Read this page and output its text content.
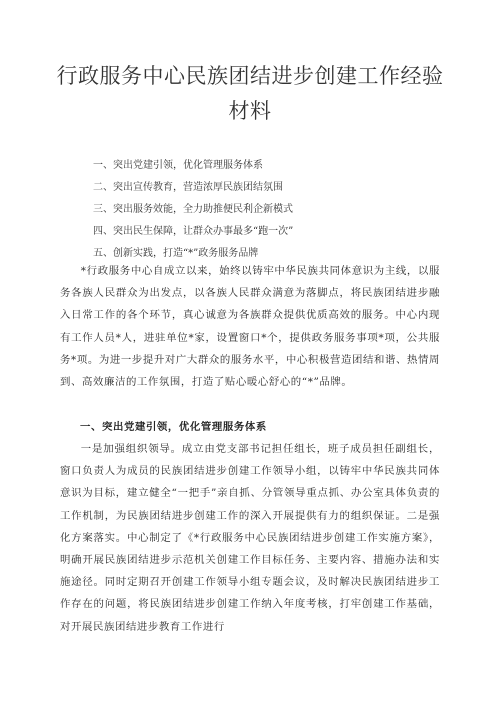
行政服务中心民族团结进步创建工作经验
材料
一、突出党建引领，优化管理服务体系
二、突出宣传教育，营造浓厚民族团结氛围
三、突出服务效能，全力助推便民利企新模式
四、突出民生保障，让群众办事最多“跑一次”
五、创新实践，打造“*”政务服务品牌

*行政服务中心自成立以来，始终以铸牢中华民族共同体意识为主线，以服务各族人民群众为出发点，以各族人民群众满意为落脚点，将民族团结进步融入日常工作的各个环节，真心诚意为各族群众提供优质高效的服务。中心内现有工作人员*人，进驻单位*家，设置窗口*个，提供政务服务事项*项，公共服务*项。为进一步提升对广大群众的服务水平，中心积极营造团结和谐、热情周到、高效廉洁的工作氛围，打造了贴心暖心舒心的“*”品牌。

一、突出党建引领，优化管理服务体系

一是加强组织领导。成立由党支部书记担任组长，班子成员担任副组长，窗口负责人为成员的民族团结进步创建工作领导小组，以铸牢中华民族共同体意识为目标，建立健全“一把手”亲自抓、分管领导重点抓、办公室具体负责的工作机制，为民族团结进步创建工作的深入开展提供有力的组织保证。二是强化方案落实。中心制定了《*行政服务中心民族团结进步创建工作实施方案》，明确开展民族团结进步示范机关创建工作目标任务、主要内容、措施办法和实施途径。同时定期召开创建工作领导小组专题会议，及时解决民族团结进步工作存在的问题，将民族团结进步创建工作纳入年度考核，打牢创建工作基础，对开展民族团结进步教育工作进行
